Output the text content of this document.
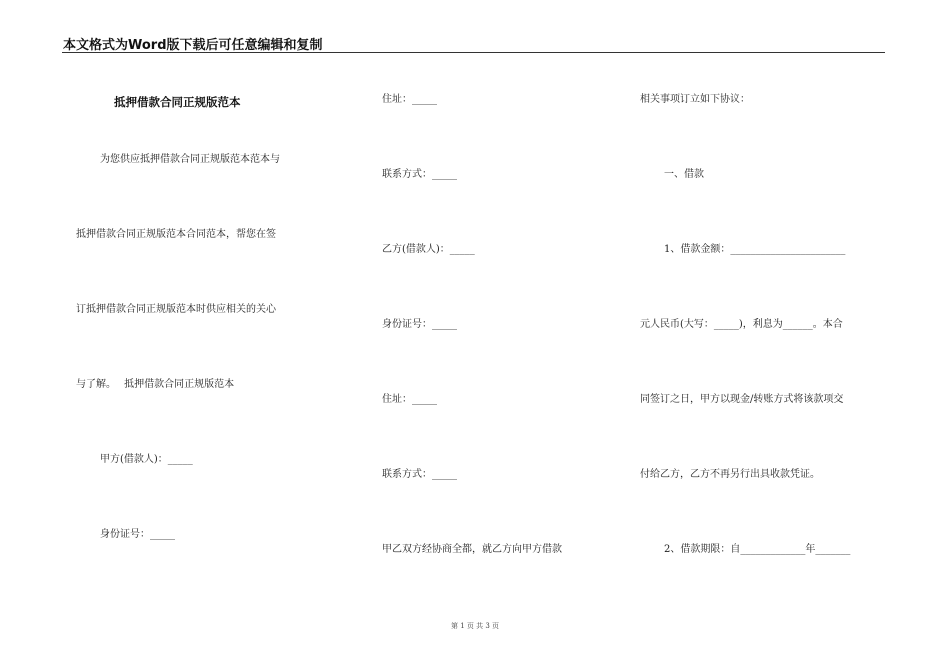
本文格式为Word版下载后可任意编辑和复制
抵押借款合同正规版范本
为您供应抵押借款合同正规版范本范本与
抵押借款合同正规版范本合同范本，帮您在签
订抵押借款合同正规版范本时供应相关的关心
与了解。　 抵押借款合同正规版范本
甲方(借款人)：_____
身份证号：_____
住址：_____
联系方式：_____
乙方(借款人)：_____
身份证号：_____
住址：_____
联系方式：_____
甲乙双方经协商全都，就乙方向甲方借款
相关事项订立如下协议：
一、借款
1、借款金额：_______________________
元人民币(大写：_____)，利息为______。本合
同签订之日，甲方以现金/转账方式将该款项交
付给乙方，乙方不再另行出具收款凭证。
2、借款期限：自_____________年_______
第 1 页 共 3 页
